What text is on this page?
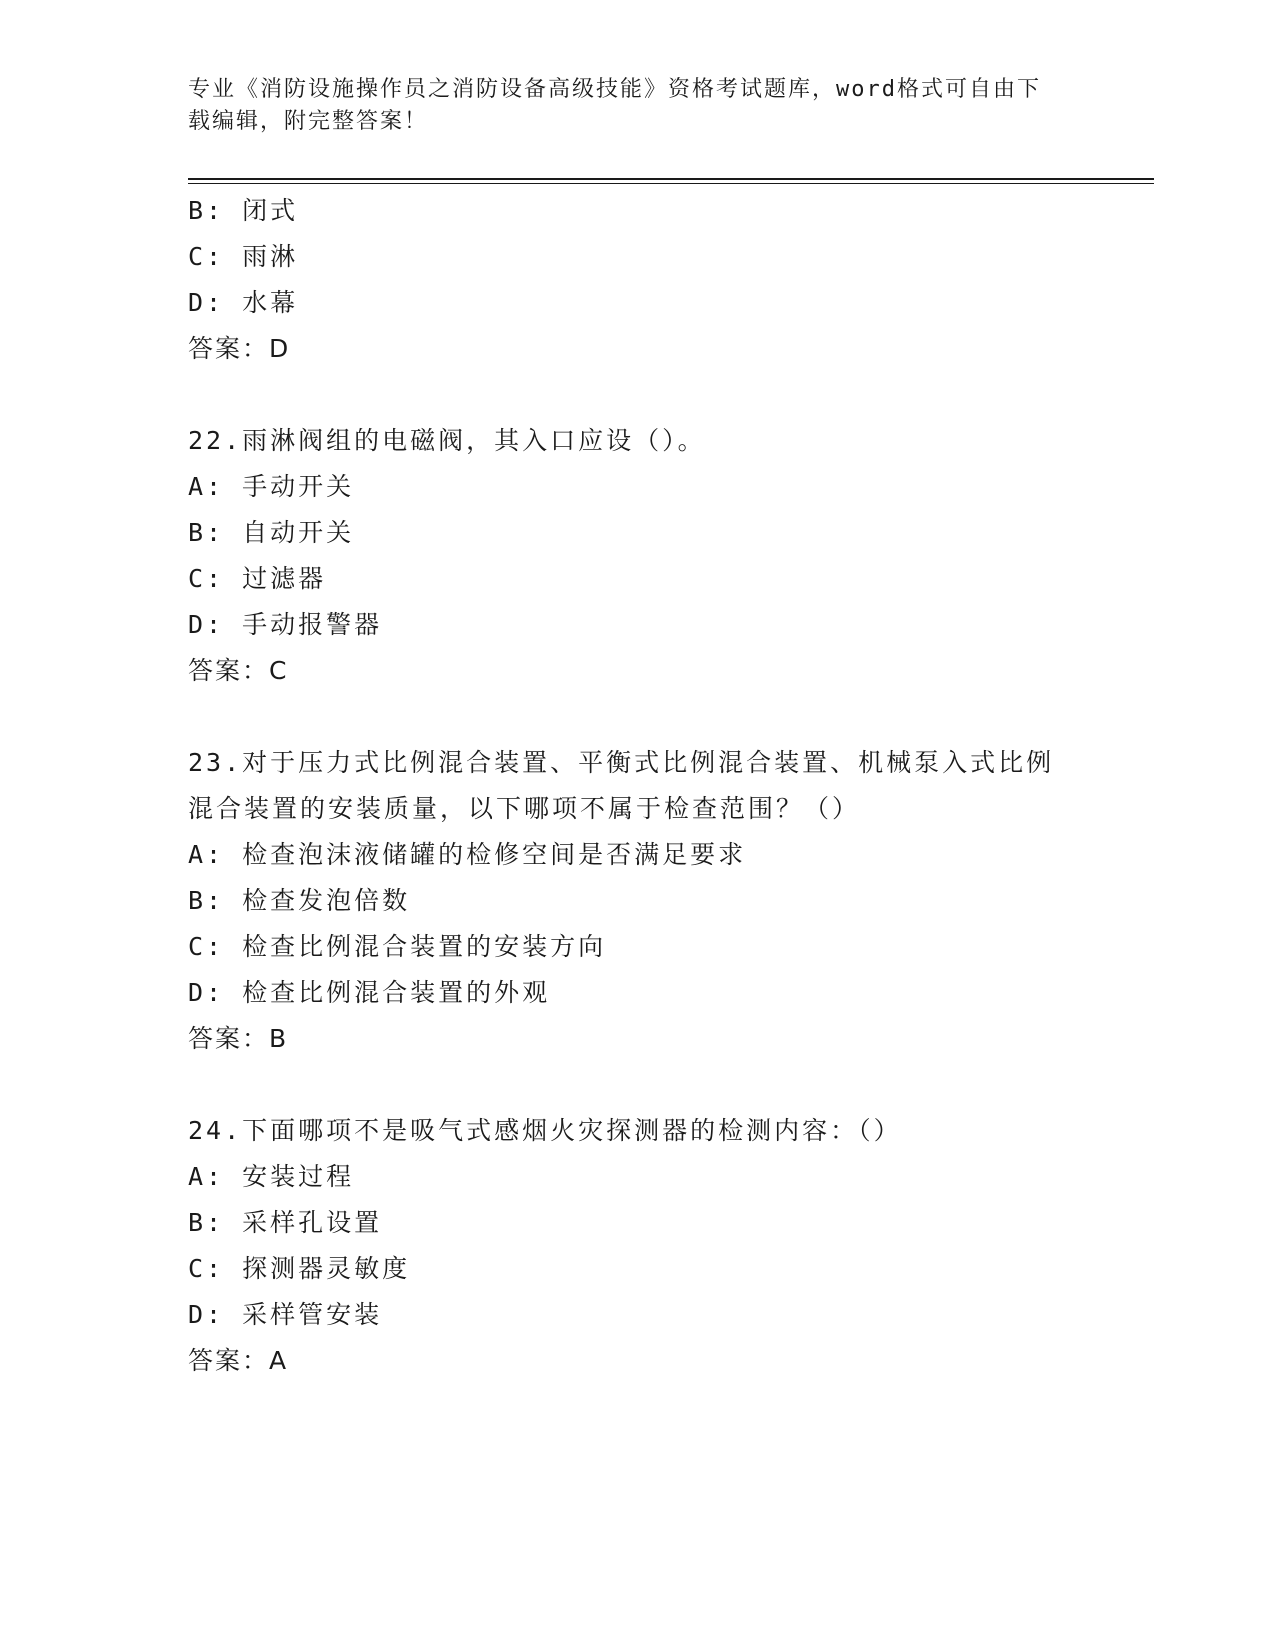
专业《消防设施操作员之消防设备高级技能》资格考试题库，word格式可自由下
载编辑，附完整答案！
B: 闭式
C: 雨淋
D: 水幕
答案：D
22.雨淋阀组的电磁阀，其入口应设（）。
A: 手动开关
B: 自动开关
C: 过滤器
D: 手动报警器
答案：C
23.对于压力式比例混合装置、平衡式比例混合装置、机械泵入式比例
混合装置的安装质量，以下哪项不属于检查范围？（）
A: 检查泡沫液储罐的检修空间是否满足要求
B: 检查发泡倍数
C: 检查比例混合装置的安装方向
D: 检查比例混合装置的外观
答案：B
24.下面哪项不是吸气式感烟火灾探测器的检测内容：（）
A: 安装过程
B: 采样孔设置
C: 探测器灵敏度
D: 采样管安装
答案：A
